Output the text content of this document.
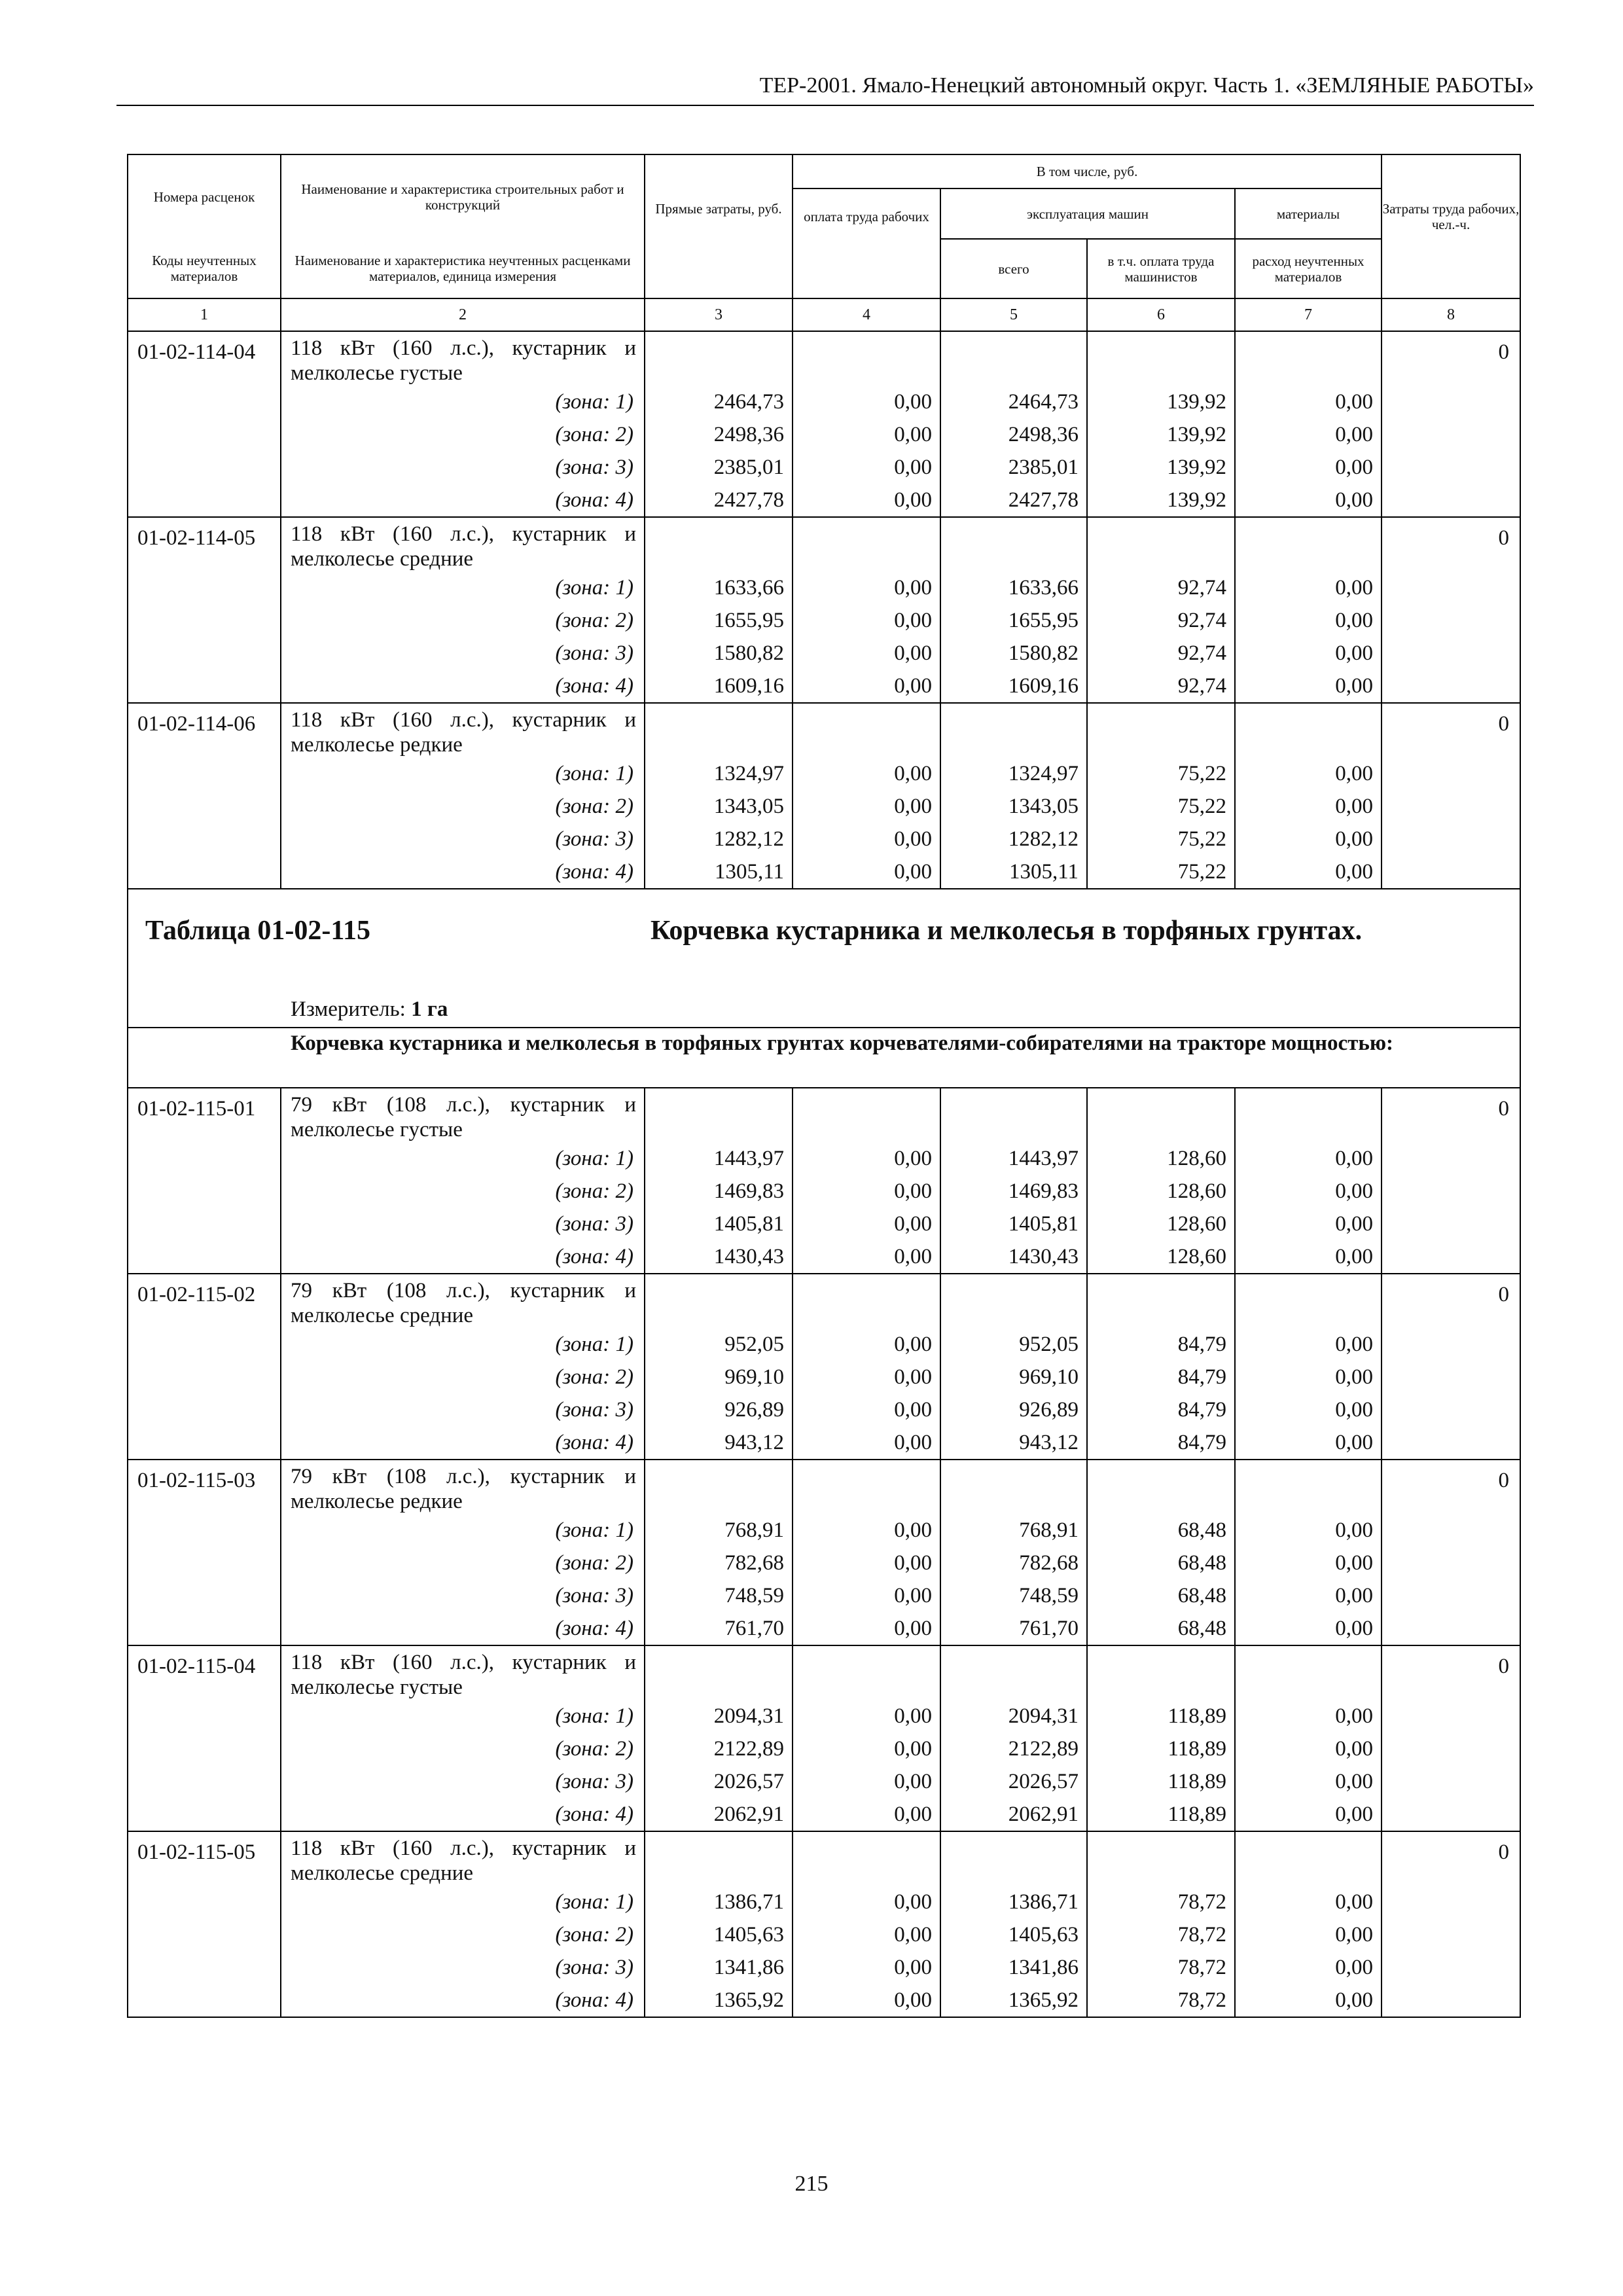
ТЕР-2001. Ямало-Ненецкий автономный округ. Часть 1. «ЗЕМЛЯНЫЕ РАБОТЫ»
Номера расценок	Наименование и характеристика строительных работ и конструкций	Прямые затраты, руб.	В том числе, руб.				Затраты труда рабочих, чел.-ч.
			оплата труда рабочих	эксплуатация машин		материалы	
Коды неучтенных материалов	Наименование и характеристика неучтенных расценками материалов, единица измерения			всего	в т.ч. оплата труда машинистов	расход неучтенных материалов	
1	2	3	4	5	6	7	8
01-02-114-04	118 кВт (160 л.с.), кустарник и мелколесье густые						0
	(зона: 1)	2464,73	0,00	2464,73	139,92	0,00	
	(зона: 2)	2498,36	0,00	2498,36	139,92	0,00	
	(зона: 3)	2385,01	0,00	2385,01	139,92	0,00	
	(зона: 4)	2427,78	0,00	2427,78	139,92	0,00	
01-02-114-05	118 кВт (160 л.с.), кустарник и мелколесье средние						0
	(зона: 1)	1633,66	0,00	1633,66	92,74	0,00	
	(зона: 2)	1655,95	0,00	1655,95	92,74	0,00	
	(зона: 3)	1580,82	0,00	1580,82	92,74	0,00	
	(зона: 4)	1609,16	0,00	1609,16	92,74	0,00	
01-02-114-06	118 кВт (160 л.с.), кустарник и мелколесье редкие						0
	(зона: 1)	1324,97	0,00	1324,97	75,22	0,00	
	(зона: 2)	1343,05	0,00	1343,05	75,22	0,00	
	(зона: 3)	1282,12	0,00	1282,12	75,22	0,00	
	(зона: 4)	1305,11	0,00	1305,11	75,22	0,00	

Таблица 01-02-115 Корчевка кустарника и мелколесья в торфяных грунтах.
Измеритель: 1 га							

Корчевка кустарника и мелколесья в торфяных грунтах корчевателями-собирателями на тракторе мощностью:							
01-02-115-01	79 кВт (108 л.с.), кустарник и мелколесье густые						0
	(зона: 1)	1443,97	0,00	1443,97	128,60	0,00	
	(зона: 2)	1469,83	0,00	1469,83	128,60	0,00	
	(зона: 3)	1405,81	0,00	1405,81	128,60	0,00	
	(зона: 4)	1430,43	0,00	1430,43	128,60	0,00	
01-02-115-02	79 кВт (108 л.с.), кустарник и мелколесье средние						0
	(зона: 1)	952,05	0,00	952,05	84,79	0,00	
	(зона: 2)	969,10	0,00	969,10	84,79	0,00	
	(зона: 3)	926,89	0,00	926,89	84,79	0,00	
	(зона: 4)	943,12	0,00	943,12	84,79	0,00	
01-02-115-03	79 кВт (108 л.с.), кустарник и мелколесье редкие						0
	(зона: 1)	768,91	0,00	768,91	68,48	0,00	
	(зона: 2)	782,68	0,00	782,68	68,48	0,00	
	(зона: 3)	748,59	0,00	748,59	68,48	0,00	
	(зона: 4)	761,70	0,00	761,70	68,48	0,00	
01-02-115-04	118 кВт (160 л.с.), кустарник и мелколесье густые						0
	(зона: 1)	2094,31	0,00	2094,31	118,89	0,00	
	(зона: 2)	2122,89	0,00	2122,89	118,89	0,00	
	(зона: 3)	2026,57	0,00	2026,57	118,89	0,00	
	(зона: 4)	2062,91	0,00	2062,91	118,89	0,00	
01-02-115-05	118 кВт (160 л.с.), кустарник и мелколесье средние						0
	(зона: 1)	1386,71	0,00	1386,71	78,72	0,00	
	(зона: 2)	1405,63	0,00	1405,63	78,72	0,00	
	(зона: 3)	1341,86	0,00	1341,86	78,72	0,00	
	(зона: 4)	1365,92	0,00	1365,92	78,72	0,00	
215
